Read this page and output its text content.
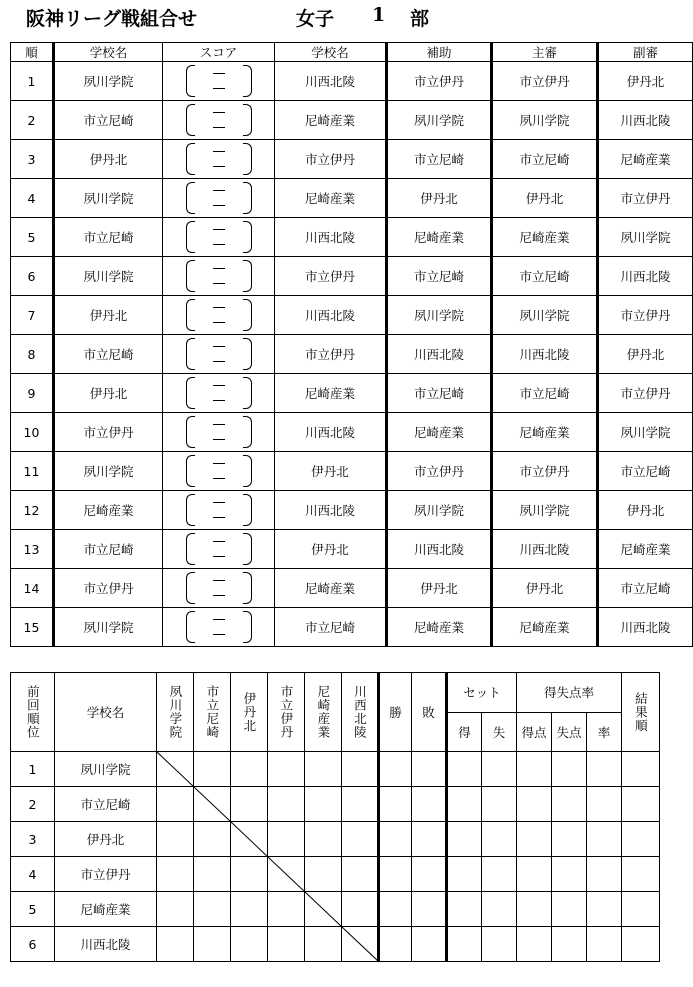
阪神リーグ戦組合せ	女子 1 部
順	学校名	スコア	学校名	補助	主審	副審
1	夙川学院		川西北陵	市立伊丹	市立伊丹	伊丹北
2	市立尼崎		尼崎産業	夙川学院	夙川学院	川西北陵
3	伊丹北		市立伊丹	市立尼崎	市立尼崎	尼崎産業
4	夙川学院		尼崎産業	伊丹北	伊丹北	市立伊丹
5	市立尼崎		川西北陵	尼崎産業	尼崎産業	夙川学院
6	夙川学院		市立伊丹	市立尼崎	市立尼崎	川西北陵
7	伊丹北		川西北陵	夙川学院	夙川学院	市立伊丹
8	市立尼崎		市立伊丹	川西北陵	川西北陵	伊丹北
9	伊丹北		尼崎産業	市立尼崎	市立尼崎	市立伊丹
10	市立伊丹		川西北陵	尼崎産業	尼崎産業	夙川学院
11	夙川学院		伊丹北	市立伊丹	市立伊丹	市立尼崎
12	尼崎産業		川西北陵	夙川学院	夙川学院	伊丹北
13	市立尼崎		伊丹北	川西北陵	川西北陵	尼崎産業
14	市立伊丹		尼崎産業	伊丹北	伊丹北	市立尼崎
15	夙川学院		市立尼崎	尼崎産業	尼崎産業	川西北陵
前回順位	学校名	夙川学院	市立尼崎	伊丹北	市立伊丹	尼崎産業	川西北陵	勝	敗	セット		得失点率			結果順

										得	失	得点	失点	率	
1	夙川学院														
2	市立尼崎														
3	伊丹北														
4	市立伊丹														
5	尼崎産業														
6	川西北陵														
